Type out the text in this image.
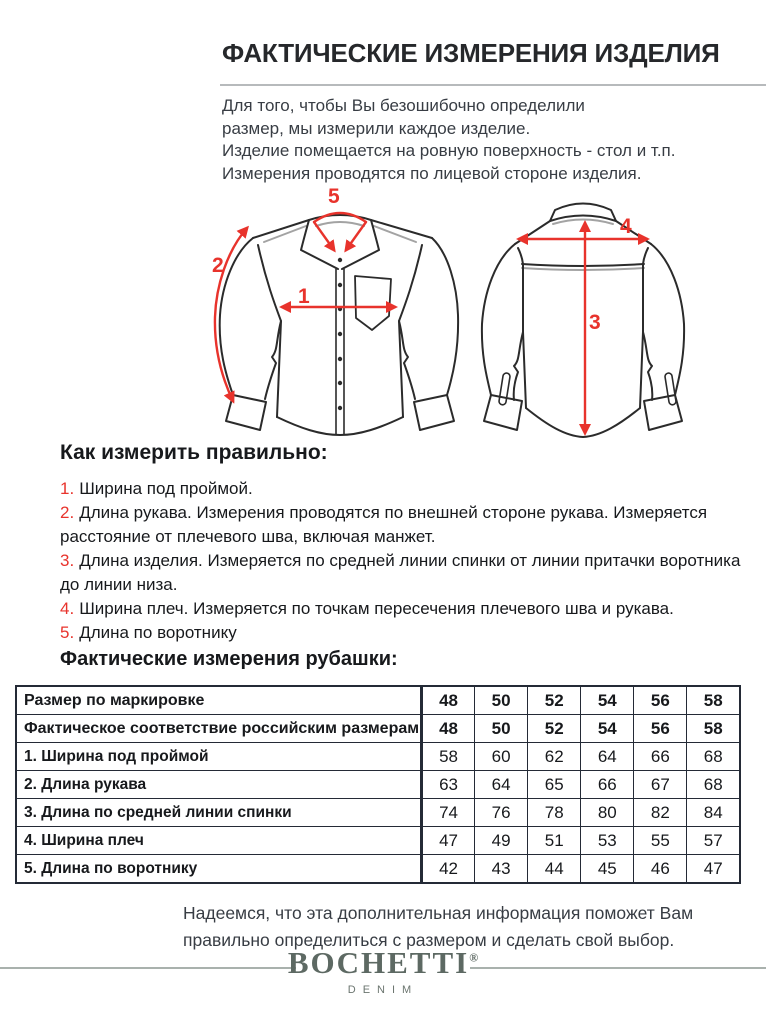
ФАКТИЧЕСКИЕ ИЗМЕРЕНИЯ ИЗДЕЛИЯ
Для того, чтобы Вы безошибочно определили
размер, мы измерили каждое изделие.
Изделие помещается на ровную поверхность - стол и т.п.
Измерения проводятся по лицевой стороне изделия.
1
2
5
4
3
Как измерить правильно:
1. Ширина под проймой.
2. Длина рукава. Измерения проводятся по внешней стороне рукава. Измеряется расстояние от плечевого шва, включая манжет.
3. Длина изделия. Измеряется по средней линии спинки от линии притачки воротника до линии низа.
4. Ширина плеч. Измеряется по точкам пересечения плечевого шва и рукава.
5. Длина по воротнику
Фактические измерения рубашки:
Размер по маркировке	48	50	52	54	56	58
Фактическое соответствие российским размерам	48	50	52	54	56	58
1. Ширина под проймой	58	60	62	64	66	68
2. Длина рукава	63	64	65	66	67	68
3. Длина по средней линии спинки	74	76	78	80	82	84
4. Ширина плеч	47	49	51	53	55	57
5. Длина по воротнику	42	43	44	45	46	47
Надеемся, что эта дополнительная информация поможет Вам
правильно определиться с размером и сделать свой выбор.
BOCHETTI®
DENIM
